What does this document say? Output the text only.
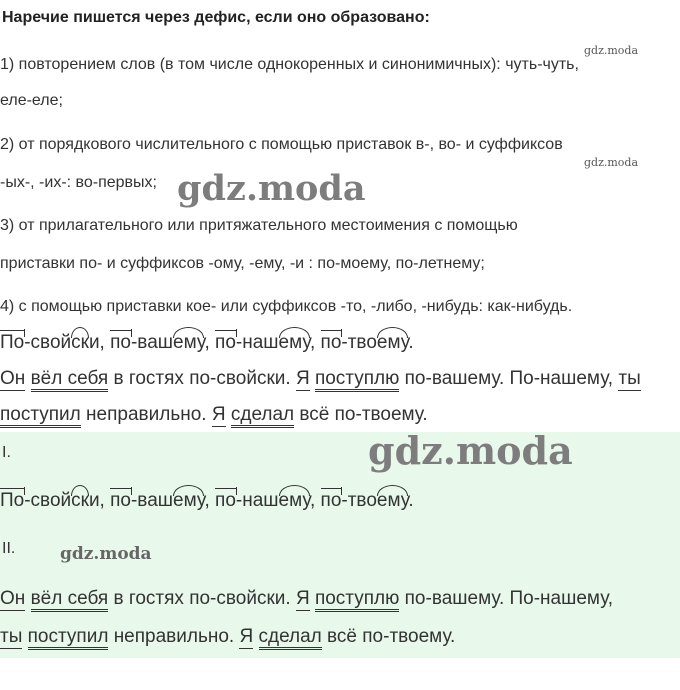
Наречие пишется через дефис, если оно образовано:
gdz.moda
1) повторением слов (в том числе однокоренных и синонимичных): чуть-чуть,
еле-еле;
2) от порядкового числительного с помощью приставок в-, во- и суффиксов
gdz.moda
-ых-, -их-: во-первых; gdz.moda
3) от прилагательного или притяжательного местоимения с помощью
приставки по- и суффиксов -ому, -ему, -и : по-моему, по-летнему;
4) с помощью приставки кое- или суффиксов -то, -либо, -нибудь: как-нибудь.
По-свойски, по-вашему, по-нашему, по-твоему.
Он вёл себя в гостях по-свойски. Я поступлю по-вашему. По-нашему, ты
поступил неправильно. Я сделал всё по-твоему.
I.	gdz.moda
По-свойски, по-вашему, по-нашему, по-твоему.
II.	gdz.moda
Он вёл себя в гостях по-свойски. Я поступлю по-вашему. По-нашему,
ты поступил неправильно. Я сделал всё по-твоему.
